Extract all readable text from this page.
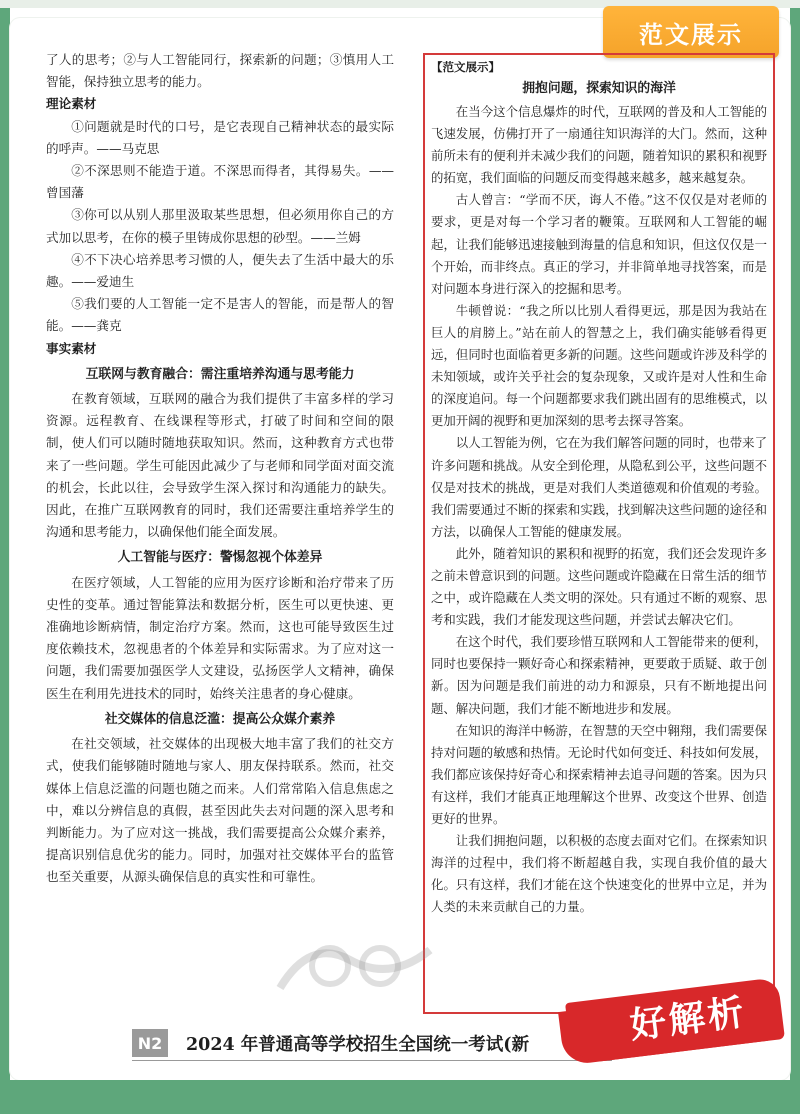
范文展示

了人的思考；②与人工智能同行，探索新的问题；③慎用人工智能，保持独立思考的能力。

理论素材

①问题就是时代的口号，是它表现自己精神状态的最实际的呼声。——马克思

②不深思则不能造于道。不深思而得者，其得易失。——曾国藩

③你可以从别人那里汲取某些思想，但必须用你自己的方式加以思考，在你的模子里铸成你思想的砂型。——兰姆

④不下决心培养思考习惯的人，便失去了生活中最大的乐趣。——爱迪生

⑤我们要的人工智能一定不是害人的智能，而是帮人的智能。——龚克

事实素材

互联网与教育融合：需注重培养沟通与思考能力

在教育领域，互联网的融合为我们提供了丰富多样的学习资源。远程教育、在线课程等形式，打破了时间和空间的限制，使人们可以随时随地获取知识。然而，这种教育方式也带来了一些问题。学生可能因此减少了与老师和同学面对面交流的机会，长此以往，会导致学生深入探讨和沟通能力的缺失。因此，在推广互联网教育的同时，我们还需要注重培养学生的沟通和思考能力，以确保他们能全面发展。

人工智能与医疗：警惕忽视个体差异

在医疗领域，人工智能的应用为医疗诊断和治疗带来了历史性的变革。通过智能算法和数据分析，医生可以更快速、更准确地诊断病情，制定治疗方案。然而，这也可能导致医生过度依赖技术，忽视患者的个体差异和实际需求。为了应对这一问题，我们需要加强医学人文建设，弘扬医学人文精神，确保医生在利用先进技术的同时，始终关注患者的身心健康。

社交媒体的信息泛滥：提高公众媒介素养

在社交领域，社交媒体的出现极大地丰富了我们的社交方式，使我们能够随时随地与家人、朋友保持联系。然而，社交媒体上信息泛滥的问题也随之而来。人们常常陷入信息焦虑之中，难以分辨信息的真假，甚至因此失去对问题的深入思考和判断能力。为了应对这一挑战，我们需要提高公众媒介素养，提高识别信息优劣的能力。同时，加强对社交媒体平台的监管也至关重要，从源头确保信息的真实性和可靠性。

【范文展示】
拥抱问题，探索知识的海洋

在当今这个信息爆炸的时代，互联网的普及和人工智能的飞速发展，仿佛打开了一扇通往知识海洋的大门。然而，这种前所未有的便利并未减少我们的问题，随着知识的累积和视野的拓宽，我们面临的问题反而变得越来越多，越来越复杂。

古人曾言：“学而不厌，诲人不倦。”这不仅仅是对老师的要求，更是对每一个学习者的鞭策。互联网和人工智能的崛起，让我们能够迅速接触到海量的信息和知识，但这仅仅是一个开始，而非终点。真正的学习，并非简单地寻找答案，而是对问题本身进行深入的挖掘和思考。

牛顿曾说：“我之所以比别人看得更远，那是因为我站在巨人的肩膀上。”站在前人的智慧之上，我们确实能够看得更远，但同时也面临着更多新的问题。这些问题或许涉及科学的未知领域，或许关乎社会的复杂现象，又或许是对人性和生命的深度追问。每一个问题都要求我们跳出固有的思维模式，以更加开阔的视野和更加深刻的思考去探寻答案。

以人工智能为例，它在为我们解答问题的同时，也带来了许多问题和挑战。从安全到伦理，从隐私到公平，这些问题不仅是对技术的挑战，更是对我们人类道德观和价值观的考验。我们需要通过不断的探索和实践，找到解决这些问题的途径和方法，以确保人工智能的健康发展。

此外，随着知识的累积和视野的拓宽，我们还会发现许多之前未曾意识到的问题。这些问题或许隐藏在日常生活的细节之中，或许隐藏在人类文明的深处。只有通过不断的观察、思考和实践，我们才能发现这些问题，并尝试去解决它们。

在这个时代，我们要珍惜互联网和人工智能带来的便利，同时也要保持一颗好奇心和探索精神，更要敢于质疑、敢于创新。因为问题是我们前进的动力和源泉，只有不断地提出问题、解决问题，我们才能不断地进步和发展。

在知识的海洋中畅游，在智慧的天空中翱翔，我们需要保持对问题的敏感和热情。无论时代如何变迁、科技如何发展，我们都应该保持好奇心和探索精神去追寻问题的答案。因为只有这样，我们才能真正地理解这个世界、改变这个世界、创造更好的世界。

让我们拥抱问题，以积极的态度去面对它们。在探索知识海洋的过程中，我们将不断超越自我，实现自我价值的最大化。只有这样，我们才能在这个快速变化的世界中立足，并为人类的未来贡献自己的力量。

N2	2024 年普通高等学校招生全国统一考试(新	好解析
